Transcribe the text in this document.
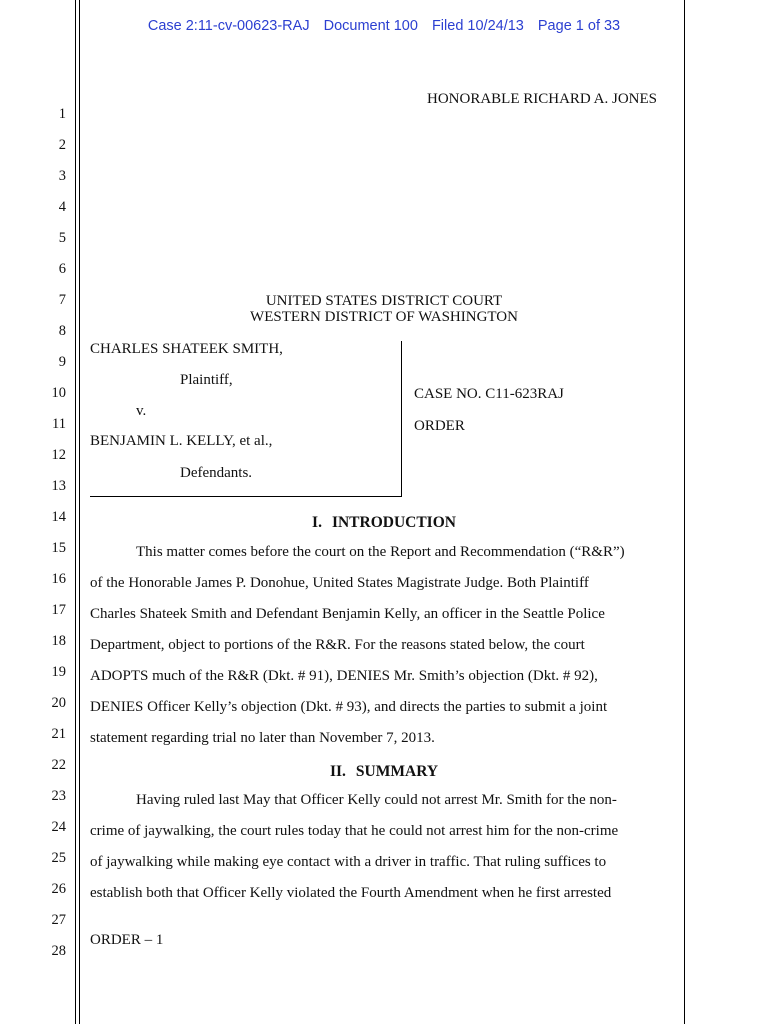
Case 2:11-cv-00623-RAJ Document 100 Filed 10/24/13 Page 1 of 33
HONORABLE RICHARD A. JONES
1
2
3
4
5
6
7
8
9
10
11
12
13
14
15
16
17
18
19
20
21
22
23
24
25
26
27
28
UNITED STATES DISTRICT COURT
WESTERN DISTRICT OF WASHINGTON
CHARLES SHATEEK SMITH,
Plaintiff,
v.
BENJAMIN L. KELLY, et al.,
Defendants.
CASE NO. C11-623RAJ
ORDER
I. INTRODUCTION
This matter comes before the court on the Report and Recommendation (“R&R”)
of the Honorable James P. Donohue, United States Magistrate Judge. Both Plaintiff
Charles Shateek Smith and Defendant Benjamin Kelly, an officer in the Seattle Police
Department, object to portions of the R&R. For the reasons stated below, the court
ADOPTS much of the R&R (Dkt. # 91), DENIES Mr. Smith’s objection (Dkt. # 92),
DENIES Officer Kelly’s objection (Dkt. # 93), and directs the parties to submit a joint
statement regarding trial no later than November 7, 2013.
II. SUMMARY
Having ruled last May that Officer Kelly could not arrest Mr. Smith for the non-
crime of jaywalking, the court rules today that he could not arrest him for the non-crime
of jaywalking while making eye contact with a driver in traffic. That ruling suffices to
establish both that Officer Kelly violated the Fourth Amendment when he first arrested
ORDER – 1
